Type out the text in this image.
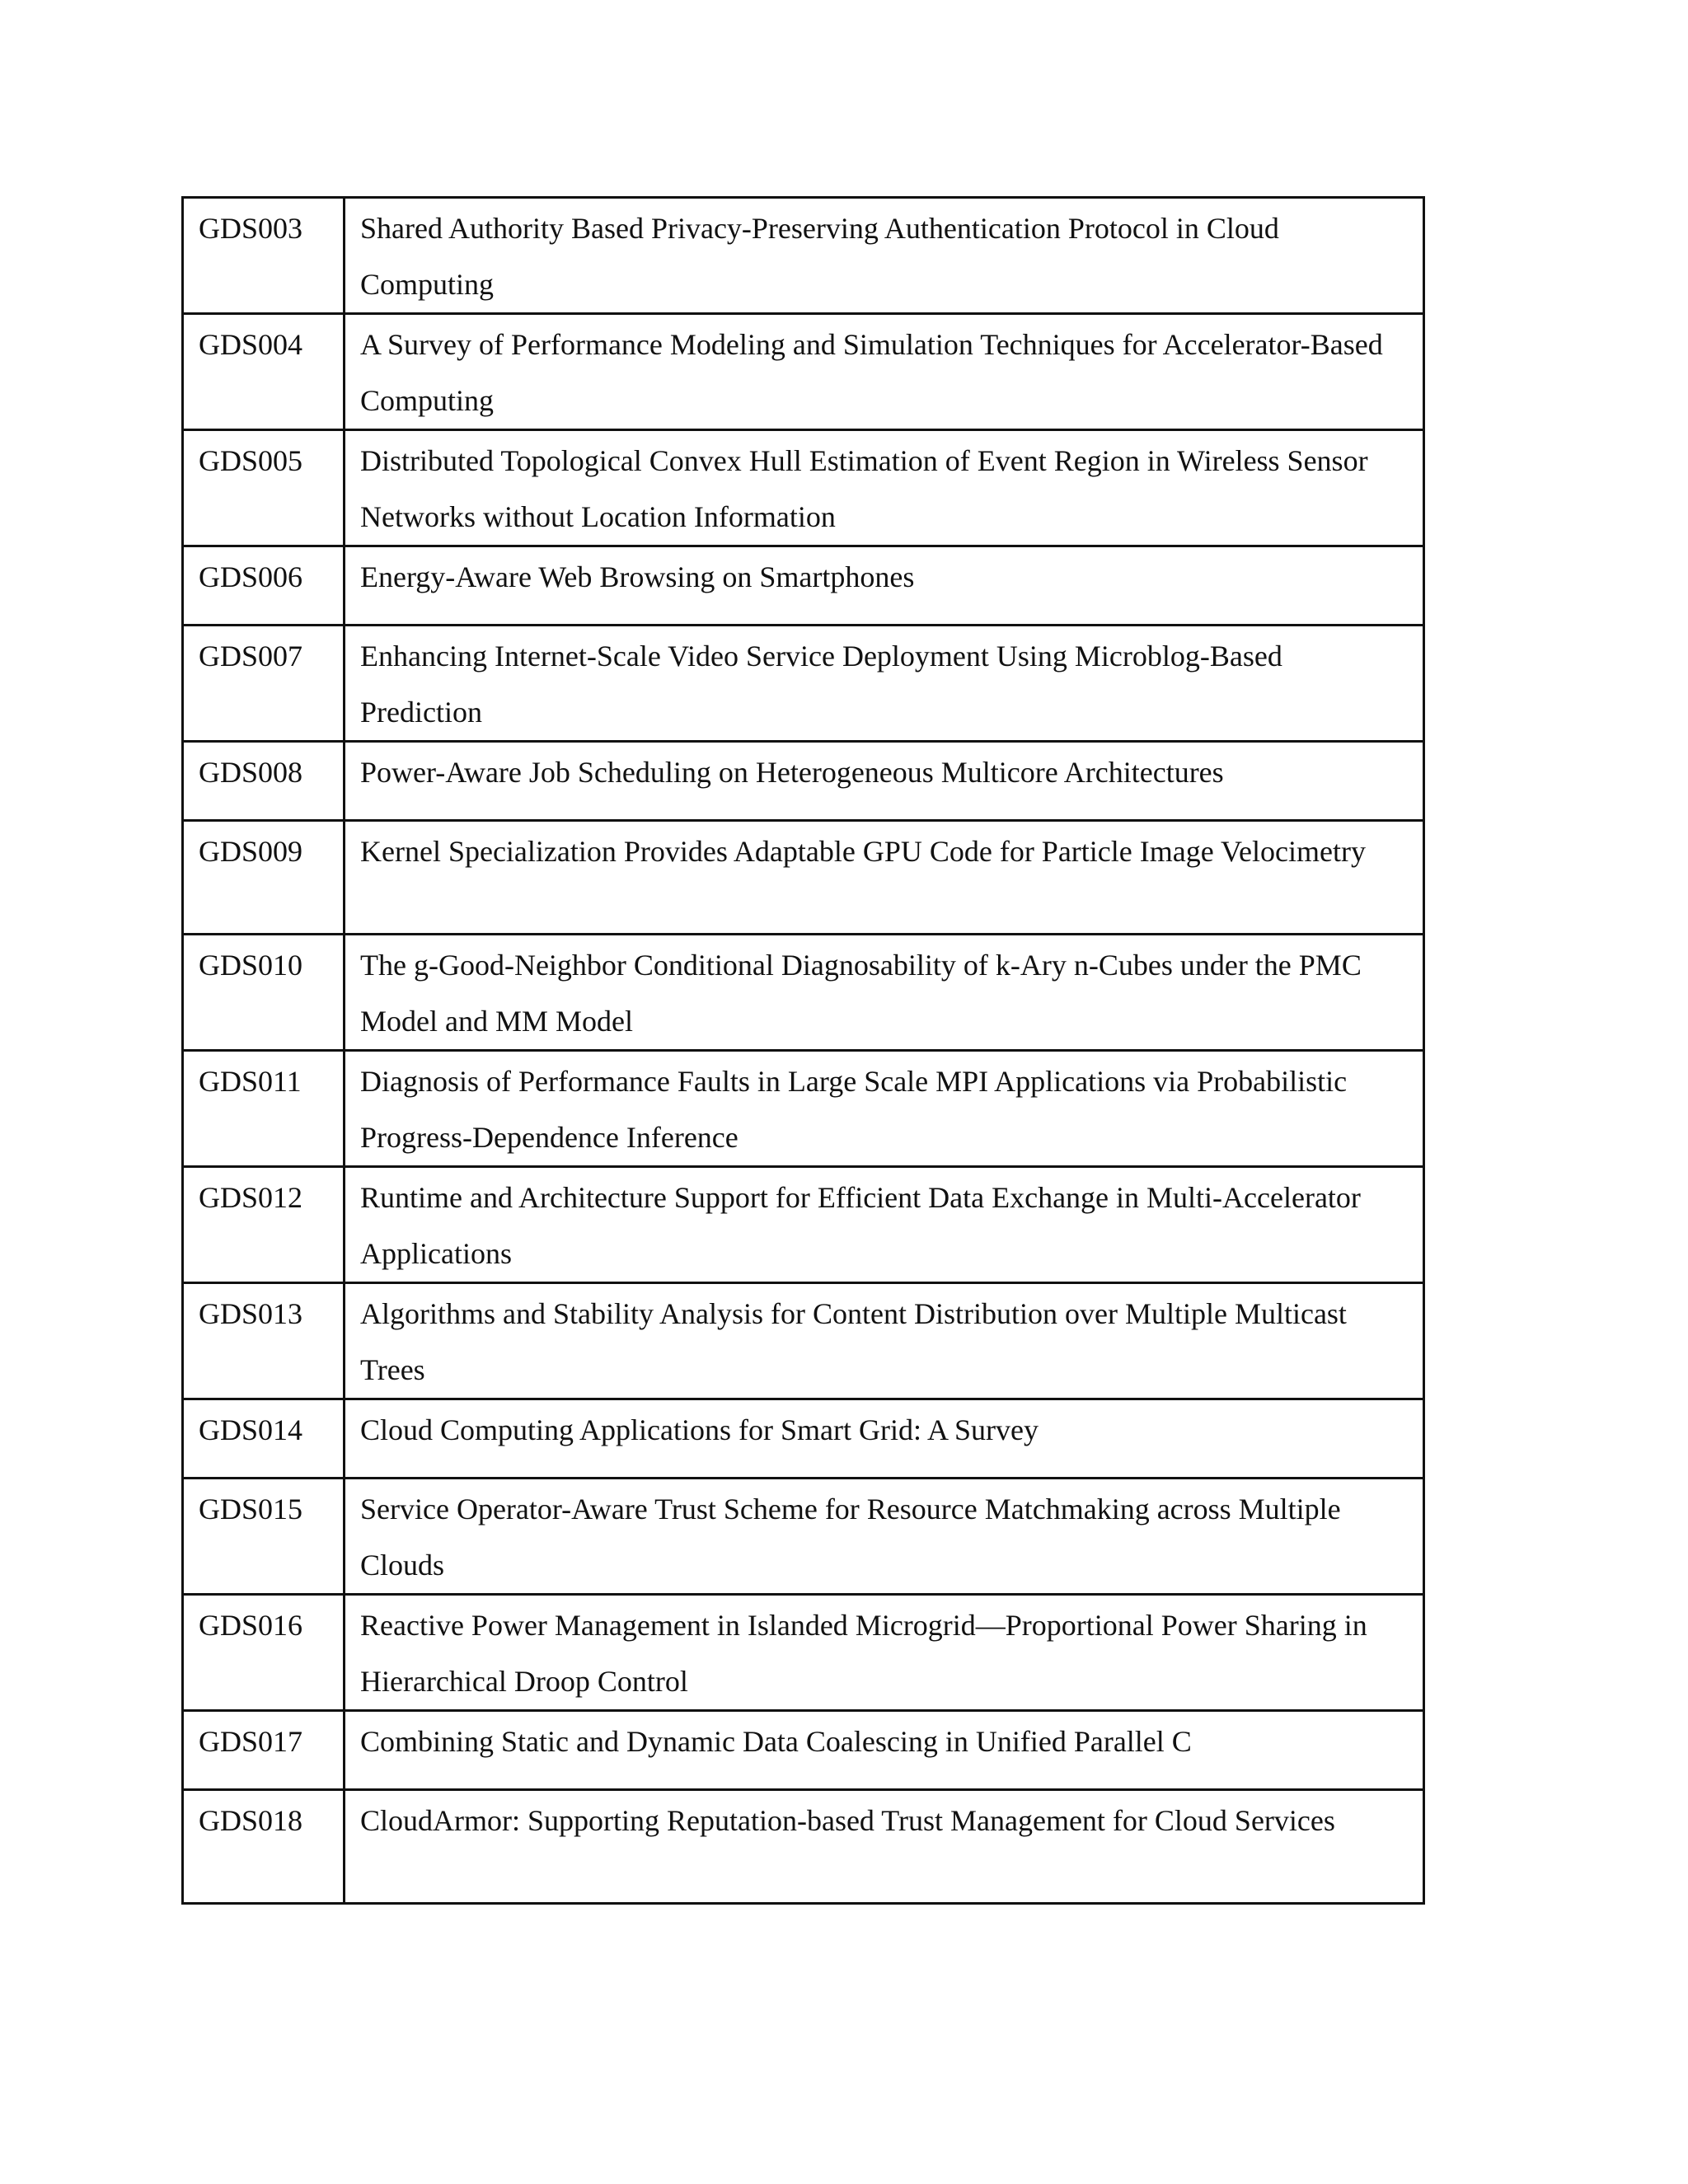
GDS003	Shared Authority Based Privacy-Preserving Authentication Protocol in Cloud Computing
GDS004	A Survey of Performance Modeling and Simulation Techniques for Accelerator-Based Computing
GDS005	Distributed Topological Convex Hull Estimation of Event Region in Wireless Sensor Networks without Location Information
GDS006	Energy-Aware Web Browsing on Smartphones
GDS007	Enhancing Internet-Scale Video Service Deployment Using Microblog-Based Prediction
GDS008	Power-Aware Job Scheduling on Heterogeneous Multicore Architectures
GDS009	Kernel Specialization Provides Adaptable GPU Code for Particle Image Velocimetry
GDS010	The g-Good-Neighbor Conditional Diagnosability of k-Ary n-Cubes under the PMC Model and MM Model
GDS011	Diagnosis of Performance Faults in Large Scale MPI Applications via Probabilistic Progress-Dependence Inference
GDS012	Runtime and Architecture Support for Efficient Data Exchange in Multi-Accelerator Applications
GDS013	Algorithms and Stability Analysis for Content Distribution over Multiple Multicast Trees
GDS014	Cloud Computing Applications for Smart Grid: A Survey
GDS015	Service Operator-Aware Trust Scheme for Resource Matchmaking across Multiple Clouds
GDS016	Reactive Power Management in Islanded Microgrid—Proportional Power Sharing in Hierarchical Droop Control
GDS017	Combining Static and Dynamic Data Coalescing in Unified Parallel C
GDS018	CloudArmor: Supporting Reputation-based Trust Management for Cloud Services
